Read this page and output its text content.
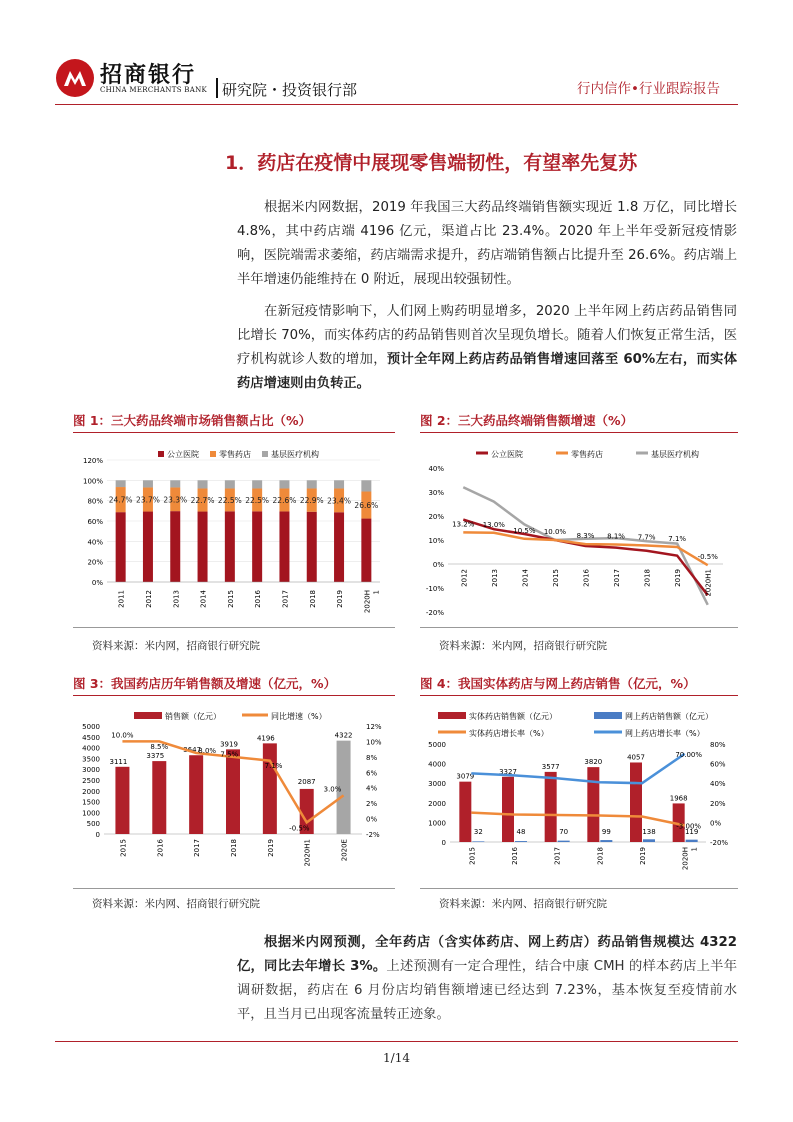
招商银行
CHINA MERCHANTS BANK 研究院・投资银行部	行内信作•行业跟踪报告
1．药店在疫情中展现零售端韧性，有望率先复苏
根据米内网数据，2019 年我国三大药品终端销售额实现近 1.8 万亿，同比增长 4.8%，其中药店端 4196 亿元，渠道占比 23.4%。2020 年上半年受新冠疫情影响，医院端需求萎缩，药店端需求提升，药店端销售额占比提升至 26.6%。药店端上半年增速仍能维持在 0 附近，展现出较强韧性。
在新冠疫情影响下，人们网上购药明显增多，2020 上半年网上药店药品销售同比增长 70%，而实体药店的药品销售则首次呈现负增长。随着人们恢复正常生活，医疗机构就诊人数的增加，预计全年网上药店药品销售增速回落至 60%左右，而实体药店增速则由负转正。
图 1：三大药品终端市场销售额占比（%）	图 2：三大药品终端销售额增速（%）
公立医院	零售药店	基层医疗机构
0%
20%
40%
60%
80%
100%
120%
24.7%
2011
23.7%
2012
23.3%
2013
22.7%
2014
22.5%
2015
22.5%
2016
22.6%
2017
22.9%
2018
23.4%
2019
26.6%
2020H 1
资料来源：米内网，招商银行研究院
公立医院	零售药店	基层医疗机构
-20%
-10%
0%
10%
20%
30%
40%
13.2%
2012
13.0%
2013
10.5%
2014
10.0%
2015
8.3%
2016
8.1%
2017
7.7%
2018
7.1%
2019
-0.5%
2020H1
资料来源：米内网，招商银行研究院
图 3：我国药店历年销售额及增速（亿元，%）	图 4：我国实体药店与网上药店销售（亿元，%）
销售额（亿元）	同比增速（%）
0
500
1000
1500
2000
2500
3000
3500
4000
4500
5000
-2%
0%
2%
4%
6%
8%
10%
12%
3111
2015
3375
2016
3647
2017
3919
2018
4196
2019
2087
2020H1
4322
2020E
10.0%
8.5%	8.0% 7.5%
7.1%
-0.5%
3.0%
资料来源：米内网、招商银行研究院
实体药店销售额（亿元）	网上药店销售额（亿元）
实体药店增长率（%）	网上药店增长率（%）
0
1000
2000
3000
4000
5000
-20%
0%
20%
40%
60%
80%
3079
32
2015
3327
48
2016
3577
70
2017
3820
99
2018
4057
138
2019
1968
119
2020H 1
70.00%
-3.00%
资料来源：米内网、招商银行研究院
根据米内网预测，全年药店（含实体药店、网上药店）药品销售规模达 4322 亿，同比去年增长 3%。上述预测有一定合理性，结合中康 CMH 的样本药店上半年调研数据，药店在 6 月份店均销售额增速已经达到 7.23%，基本恢复至疫情前水平，且当月已出现客流量转正迹象。
1/14
